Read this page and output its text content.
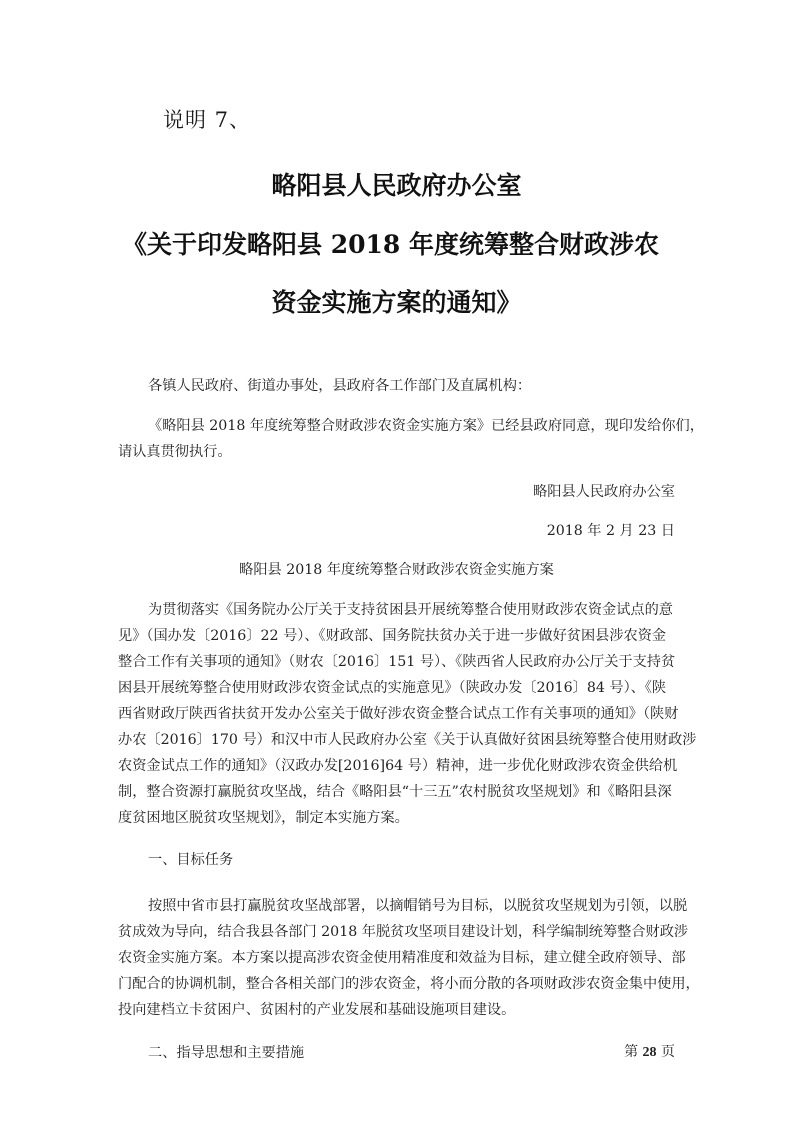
说明 7、
略阳县人民政府办公室
《关于印发略阳县 2018 年度统筹整合财政涉农
资金实施方案的通知》
各镇人民政府、街道办事处，县政府各工作部门及直属机构：
《略阳县 2018 年度统筹整合财政涉农资金实施方案》已经县政府同意，现印发给你们，
请认真贯彻执行。
略阳县人民政府办公室
2018 年 2 月 23 日
略阳县 2018 年度统筹整合财政涉农资金实施方案
为贯彻落实《国务院办公厅关于支持贫困县开展统筹整合使用财政涉农资金试点的意
见》（国办发〔2016〕22 号）、《财政部、国务院扶贫办关于进一步做好贫困县涉农资金
整合工作有关事项的通知》（财农〔2016〕151 号）、《陕西省人民政府办公厅关于支持贫
困县开展统筹整合使用财政涉农资金试点的实施意见》（陕政办发〔2016〕84 号）、《陕
西省财政厅陕西省扶贫开发办公室关于做好涉农资金整合试点工作有关事项的通知》（陕财
办农〔2016〕170 号）和汉中市人民政府办公室《关于认真做好贫困县统筹整合使用财政涉
农资金试点工作的通知》（汉政办发[2016]64 号）精神，进一步优化财政涉农资金供给机
制，整合资源打赢脱贫攻坚战，结合《略阳县“十三五”农村脱贫攻坚规划》和《略阳县深
度贫困地区脱贫攻坚规划》，制定本实施方案。
一、目标任务
按照中省市县打赢脱贫攻坚战部署，以摘帽销号为目标，以脱贫攻坚规划为引领，以脱
贫成效为导向，结合我县各部门 2018 年脱贫攻坚项目建设计划，科学编制统筹整合财政涉
农资金实施方案。本方案以提高涉农资金使用精准度和效益为目标，建立健全政府领导、部
门配合的协调机制，整合各相关部门的涉农资金，将小而分散的各项财政涉农资金集中使用，
投向建档立卡贫困户、贫困村的产业发展和基础设施项目建设。
二、指导思想和主要措施	第 28 页
